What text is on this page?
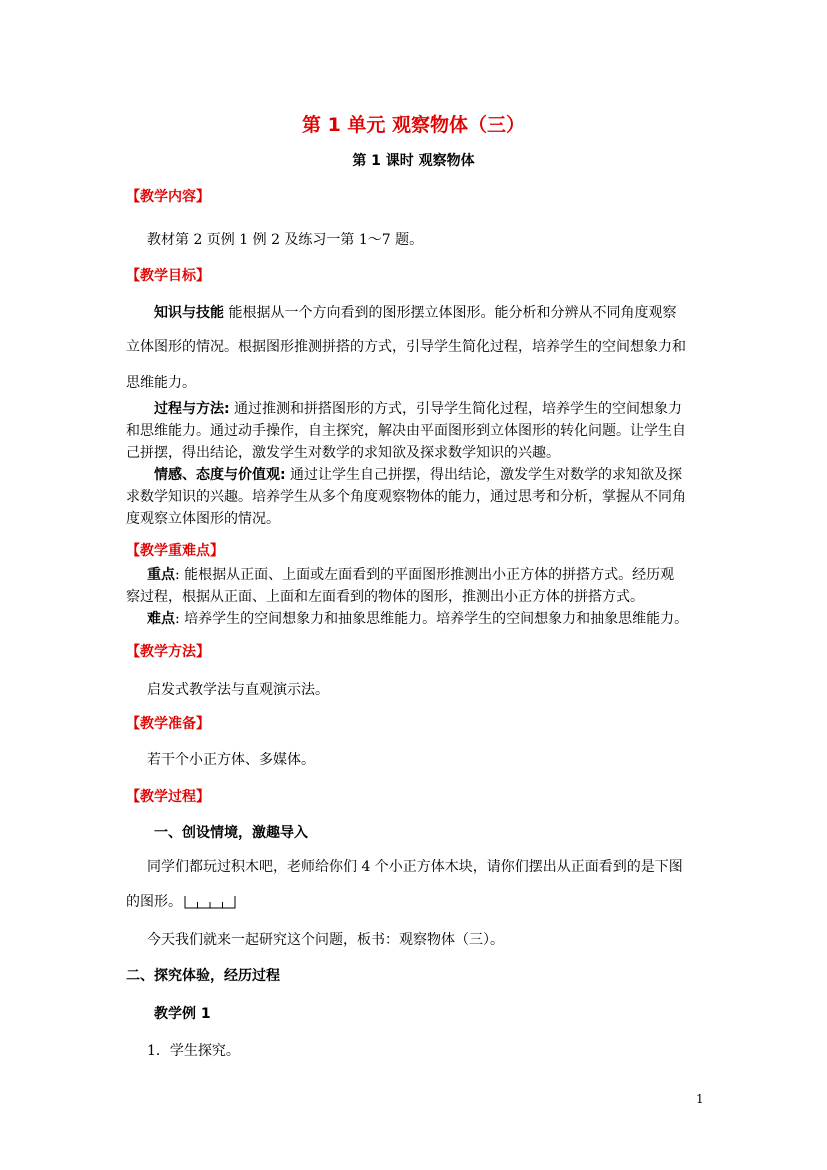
第 1 单元 观察物体（三）
第 1 课时 观察物体
【教学内容】
教材第 2 页例 1 例 2 及练习一第 1～7 题。
【教学目标】
知识与技能 能根据从一个方向看到的图形摆立体图形。能分析和分辨从不同角度观察
立体图形的情况。根据图形推测拼搭的方式，引导学生简化过程，培养学生的空间想象力和
思维能力。
过程与方法: 通过推测和拼搭图形的方式，引导学生简化过程，培养学生的空间想象力
和思维能力。通过动手操作，自主探究，解决由平面图形到立体图形的转化问题。让学生自
己拼摆，得出结论，激发学生对数学的求知欲及探求数学知识的兴趣。
情感、态度与价值观: 通过让学生自己拼摆，得出结论，激发学生对数学的求知欲及探
求数学知识的兴趣。培养学生从多个角度观察物体的能力，通过思考和分析，掌握从不同角
度观察立体图形的情况。
【教学重难点】
重点: 能根据从正面、上面或左面看到的平面图形推测出小正方体的拼搭方式。经历观
察过程，根据从正面、上面和左面看到的物体的图形，推测出小正方体的拼搭方式。
难点: 培养学生的空间想象力和抽象思维能力。培养学生的空间想象力和抽象思维能力。
【教学方法】
启发式教学法与直观演示法。
【教学准备】
若干个小正方体、多媒体。
【教学过程】
一、创设情境，激趣导入
同学们都玩过积木吧，老师给你们 4 个小正方体木块，请你们摆出从正面看到的是下图
的图形。
今天我们就来一起研究这个问题，板书：观察物体（三）。
二、探究体验，经历过程
教学例 1
1．学生探究。
1
